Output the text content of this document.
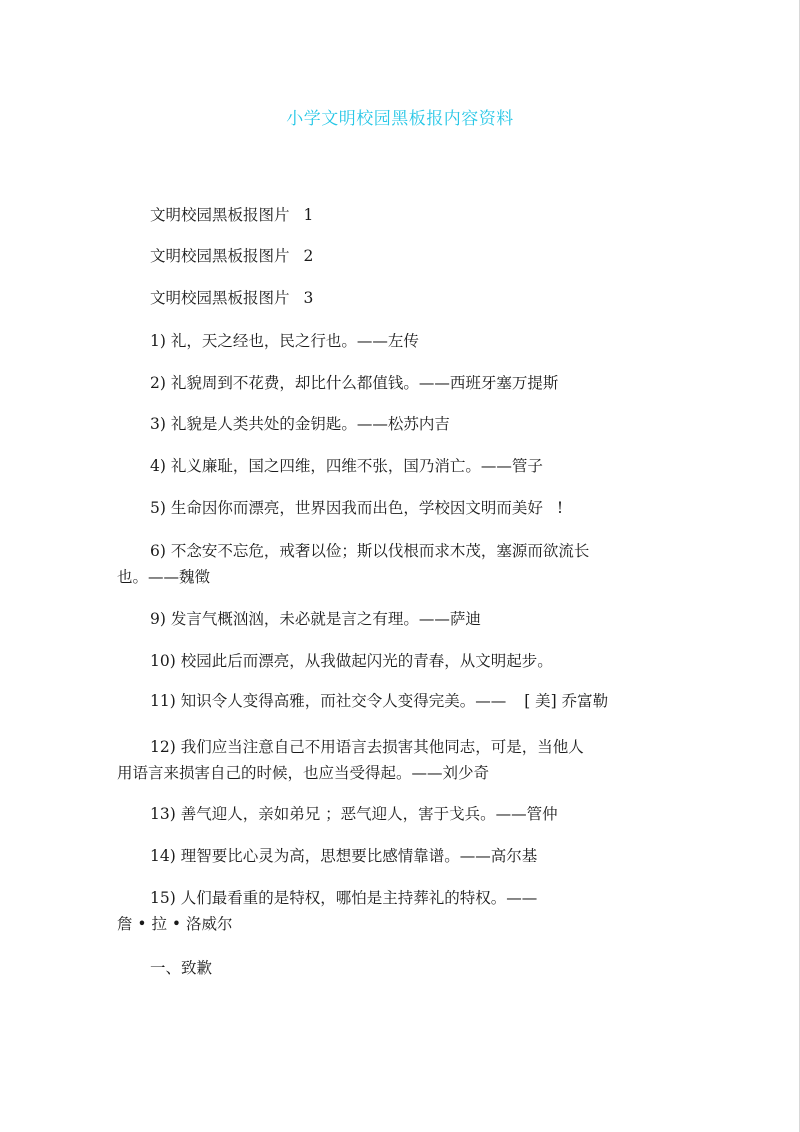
小学文明校园黑板报内容资料
文明校园黑板报图片 1
文明校园黑板报图片 2
文明校园黑板报图片 3
1) 礼，天之经也，民之行也。——左传
2) 礼貌周到不花费，却比什么都值钱。——西班牙塞万提斯
3) 礼貌是人类共处的金钥匙。——松苏内吉
4) 礼义廉耻，国之四维，四维不张，国乃消亡。——管子
5) 生命因你而漂亮，世界因我而出色，学校因文明而美好 !
6) 不念安不忘危，戒奢以俭；斯以伐根而求木茂，塞源而欲流长
也。——魏徵
9) 发言气概汹汹，未必就是言之有理。——萨迪
10) 校园此后而漂亮，从我做起闪光的青春，从文明起步。
11) 知识令人变得高雅，而社交令人变得完美。—— [ 美] 乔富勒
12) 我们应当注意自己不用语言去损害其他同志，可是，当他人
用语言来损害自己的时候，也应当受得起。——刘少奇
13) 善气迎人，亲如弟兄 ；恶气迎人，害于戈兵。——管仲
14) 理智要比心灵为高，思想要比感情靠谱。——高尔基
15) 人们最看重的是特权，哪怕是主持葬礼的特权。——
詹 • 拉 • 洛威尔
一、致歉
